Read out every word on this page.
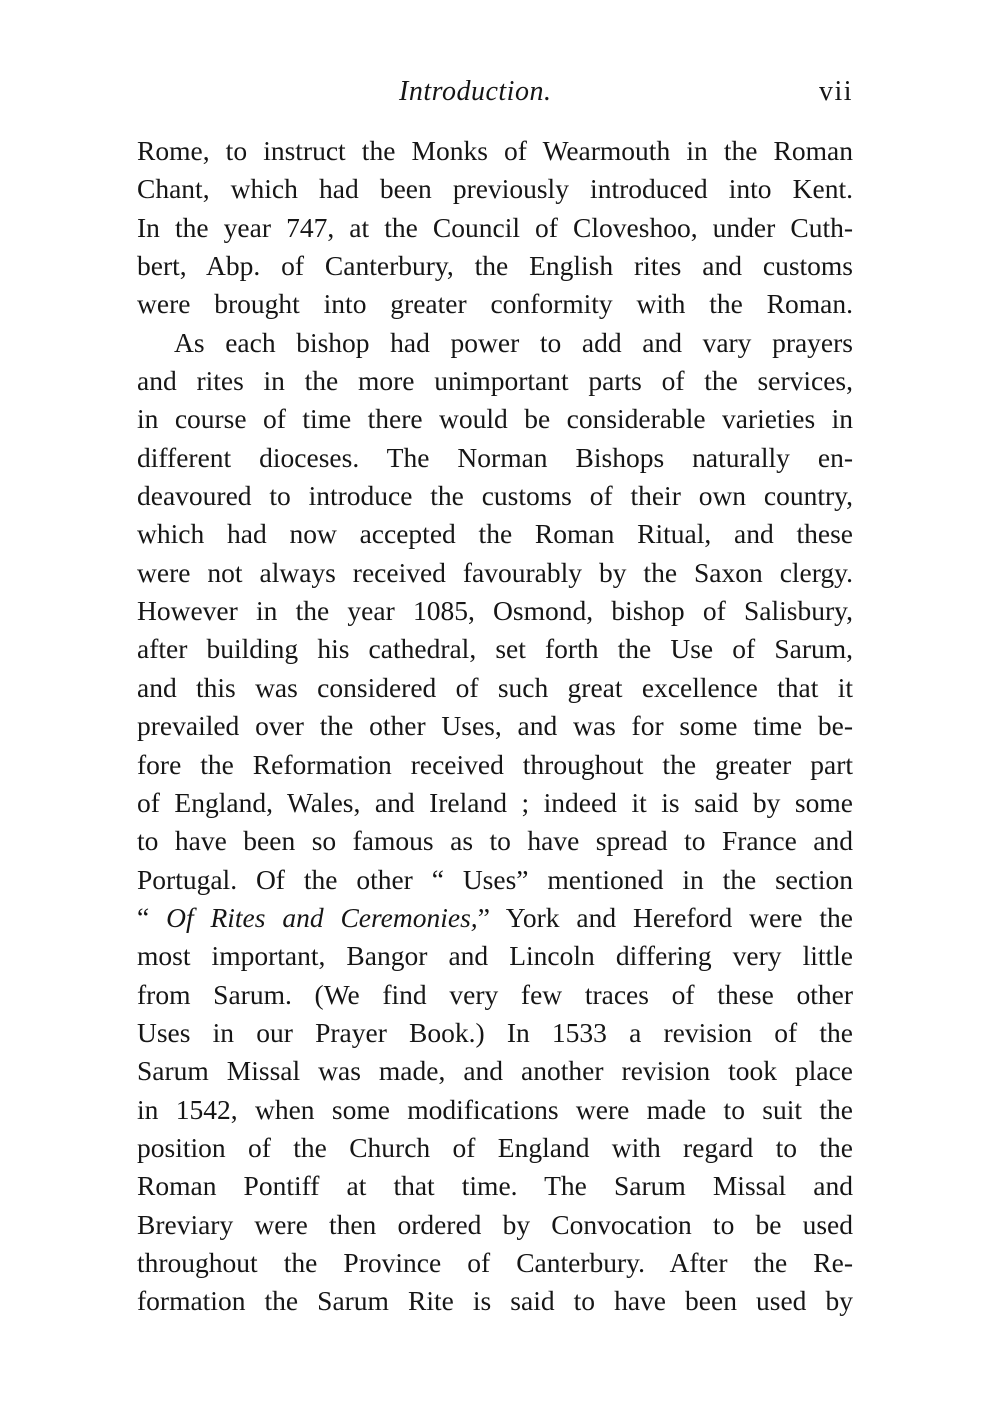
Introduction.	vii
Rome, to instruct the Monks of Wearmouth in the Roman
Chant, which had been previously introduced into Kent.
In the year 747, at the Council of Cloveshoo, under Cuth-
bert, Abp. of Canterbury, the English rites and customs
were brought into greater conformity with the Roman.
As each bishop had power to add and vary prayers
and rites in the more unimportant parts of the services,
in course of time there would be considerable varieties in
different dioceses. The Norman Bishops naturally en-
deavoured to introduce the customs of their own country,
which had now accepted the Roman Ritual, and these
were not always received favourably by the Saxon clergy.
However in the year 1085, Osmond, bishop of Salisbury,
after building his cathedral, set forth the Use of Sarum,
and this was considered of such great excellence that it
prevailed over the other Uses, and was for some time be-
fore the Reformation received throughout the greater part
of England, Wales, and Ireland ; indeed it is said by some
to have been so famous as to have spread to France and
Portugal. Of the other “ Uses” mentioned in the section
“ Of Rites and Ceremonies,” York and Hereford were the
most important, Bangor and Lincoln differing very little
from Sarum. (We find very few traces of these other
Uses in our Prayer Book.) In 1533 a revision of the
Sarum Missal was made, and another revision took place
in 1542, when some modifications were made to suit the
position of the Church of England with regard to the
Roman Pontiff at that time. The Sarum Missal and
Breviary were then ordered by Convocation to be used
throughout the Province of Canterbury. After the Re-
formation the Sarum Rite is said to have been used by
